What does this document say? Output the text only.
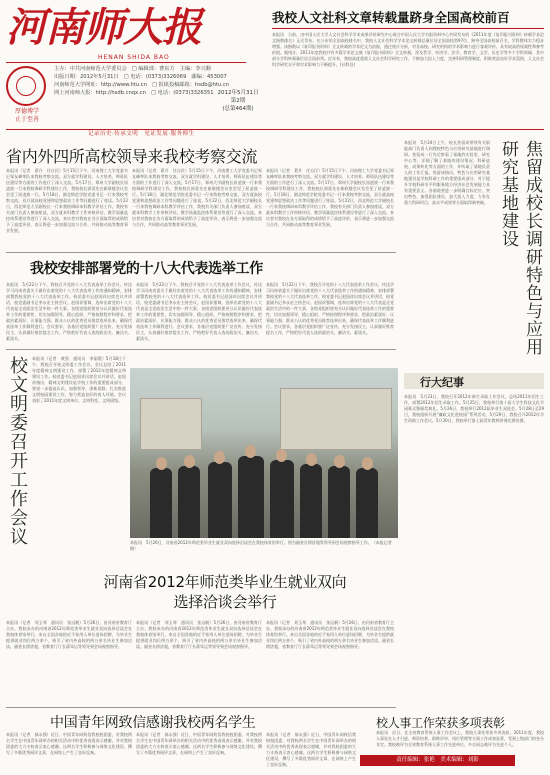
河南师大报
HENAN SHIDA BAO
厚德博学
止于至善
主办：中共河南师范大学委员会　□ 编辑部：曹东方　主编：李兴顺
出版日期：2012年5月31日　□ 电话：(0373)3326069　邮编：453007
河南师范大学网址：http://www.htu.cn　□ 报纸投稿邮箱：hsdb@htu.cn
网上河南师大报：http://hsdb.cnqx.cn　□ 电话：(0373)3326351 2012年5月31日
第2期
(总第464期)
我校人文社科文章转载量跻身全国高校前百
本报讯　日前，由中国人民大学人文社会科学学术成果评价研究中心联合中国人民大学书报资料中心共同发布的《2011年度《复印报刊资料》转载学术论文指数排名》正式发布。在公布的全国高校排名中，我校人文社会科学学术论文转载总量位居全国高校第97位，跻身全国高校前百名，学科整体实力稳步增强。该指数以《复印报刊资料》全文转载的学术论文为依据，通过统计分析，对各高校、研究机构的学术影响力进行客观评价，具有较高的权威性和参考价值。据统计，2011年度我校共有多篇学术论文被《复印报刊资料》全文转载，涉及哲学、经济学、法学、教育学、文学、历史学等多个学科领域，其中部分学科转载量位居全国前列。近年来，我校高度重视人文社会科学研究工作，不断加大投入力度，完善科研管理制度，积极营造良好学术氛围，人文社会科学研究水平和学术影响力不断提升。(社科处)
记录历史·传承文明　见证发展·服务师生
省内外四所高校领导来我校考察交流
本报讯（记者　葛升　任自民）5月15日下午，河南理工大学党委书记邹友峰率队来我校考察交流。双方就学科建设、人才培养、师资队伍建设等方面的工作进行了深入交流。5月17日，郑州大学副校长屈凌波一行来我校调研学科建设工作，我校校长郭爱先在新联楼会议室会见了屈凌波一行。5月18日，湖北师范学院党委书记一行来我校考察交流，双方就高校党建和思想政治工作等问题进行了座谈。5月22日，西北师范大学副校长一行来我校调研本科教学评估工作，我校有关部门负责人参加座谈，双方就本科教学工作审核评估、教学质量监控体系建设等进行了深入交流。来访者对我校在各方面取得的成绩给予了高度评价，表示将进一步加强交流与合作，共同推动高等教育事业发展。
本报讯（记者　葛升　任自民）5月15日下午，河南理工大学党委书记邹友峰率队来我校考察交流。双方就学科建设、人才培养、师资队伍建设等方面的工作进行了深入交流。5月17日，郑州大学副校长屈凌波一行来我校调研学科建设工作，我校校长郭爱先在新联楼会议室会见了屈凌波一行。5月18日，湖北师范学院党委书记一行来我校考察交流，双方就高校党建和思想政治工作等问题进行了座谈。5月22日，西北师范大学副校长一行来我校调研本科教学评估工作，我校有关部门负责人参加座谈，双方就本科教学工作审核评估、教学质量监控体系建设等进行了深入交流。来访者对我校在各方面取得的成绩给予了高度评价，表示将进一步加强交流与合作，共同推动高等教育事业发展。
本报讯（记者　葛升　任自民）5月15日下午，河南理工大学党委书记邹友峰率队来我校考察交流。双方就学科建设、人才培养、师资队伍建设等方面的工作进行了深入交流。5月17日，郑州大学副校长屈凌波一行来我校调研学科建设工作，我校校长郭爱先在新联楼会议室会见了屈凌波一行。5月18日，湖北师范学院党委书记一行来我校考察交流，双方就高校党建和思想政治工作等问题进行了座谈。5月22日，西北师范大学副校长一行来我校调研本科教学评估工作，我校有关部门负责人参加座谈，双方就本科教学工作审核评估、教学质量监控体系建设等进行了深入交流。来访者对我校在各方面取得的成绩给予了高度评价，表示将进一步加强交流与合作，共同推动高等教育事业发展。
我校安排部署党的十八大代表选举工作
本报讯　5月22日下午，我校召开党的十八大代表选举工作会议，传达学习河南省委关于做好出席党的十八大代表选举工作的通知精神，安排部署我校党的十八大代表选举工作。校党委书记赵国祥出席会议并讲话，校党委副书记李永宏主持会议。赵国祥强调，选举出席党的十八大代表是全党政治生活中的一件大事，各级党组织要充分认识做好代表选举工作的重要性，切实加强领导，精心组织，严格按照程序和要求，把政治素质好、议事能力强、群众公认的优秀党员推荐选举出来，确保代表选举工作顺利进行。会议要求，各基层党组织要广泛宣传、充分发扬民主，认真做好推荐提名工作，严格把好代表人选的政治关、廉洁关、素质关。
本报讯　5月22日下午，我校召开党的十八大代表选举工作会议，传达学习河南省委关于做好出席党的十八大代表选举工作的通知精神，安排部署我校党的十八大代表选举工作。校党委书记赵国祥出席会议并讲话，校党委副书记李永宏主持会议。赵国祥强调，选举出席党的十八大代表是全党政治生活中的一件大事，各级党组织要充分认识做好代表选举工作的重要性，切实加强领导，精心组织，严格按照程序和要求，把政治素质好、议事能力强、群众公认的优秀党员推荐选举出来，确保代表选举工作顺利进行。会议要求，各基层党组织要广泛宣传、充分发扬民主，认真做好推荐提名工作，严格把好代表人选的政治关、廉洁关、素质关。
本报讯　5月22日下午，我校召开党的十八大代表选举工作会议，传达学习河南省委关于做好出席党的十八大代表选举工作的通知精神，安排部署我校党的十八大代表选举工作。校党委书记赵国祥出席会议并讲话，校党委副书记李永宏主持会议。赵国祥强调，选举出席党的十八大代表是全党政治生活中的一件大事，各级党组织要充分认识做好代表选举工作的重要性，切实加强领导，精心组织，严格按照程序和要求，把政治素质好、议事能力强、群众公认的优秀党员推荐选举出来，确保代表选举工作顺利进行。会议要求，各基层党组织要广泛宣传、充分发扬民主，认真做好推荐提名工作，严格把好代表人选的政治关、廉洁关、素质关。
校文明委召开工作会议	本报讯（记者　黄凯　通讯员　李丽霞）5月18日下午，我校召开校文明委工作会议。会议总结了2011年度精神文明建设工作，部署了2012年度精神文明建设工作。校党委书记赵国祥出席会议并讲话。赵国祥指出，精神文明建设是学校工作的重要组成部分，要进一步提高认识，加强领导，创新思路，扎实推进文明校园建设工作，努力营造良好的育人环境。会议表彰了2011年度文明单位、文明科室、文明班级。
本报讯　5月26日，河南省2012年师范类毕业生就业双向选择洽谈会在我校体育馆举行。图为副省长徐济超等领导到会场视察指导工作。（本报记者　摄）
河南省2012年师范类毕业生就业双向选择洽谈会举行
本报讯（记者　刘玉琴　通讯员　张远帆）5月26日，由河南省教育厅主办、我校承办的河南省2012年师范类毕业生就业双向选择洽谈会在我校体育馆举行。来自全国各地的近千家用人单位进场招聘，为毕业生提供就业岗位两万余个，吸引了省内外高校的两万余名毕业生参加洽谈。副省长徐济超，省教育厅厅长蒋笃运等领导到会场视察指导。
本报讯（记者　刘玉琴　通讯员　张远帆）5月26日，由河南省教育厅主办、我校承办的河南省2012年师范类毕业生就业双向选择洽谈会在我校体育馆举行。来自全国各地的近千家用人单位进场招聘，为毕业生提供就业岗位两万余个，吸引了省内外高校的两万余名毕业生参加洽谈。副省长徐济超，省教育厅厅长蒋笃运等领导到会场视察指导。
本报讯（记者　刘玉琴　通讯员　张远帆）5月26日，由河南省教育厅主办、我校承办的河南省2012年师范类毕业生就业双向选择洽谈会在我校体育馆举行。来自全国各地的近千家用人单位进场招聘，为毕业生提供就业岗位两万余个，吸引了省内外高校的两万余名毕业生参加洽谈。副省长徐济超，省教育厅厅长蒋笃运等领导到会场视察指导。
中国青年网致信感谢我校两名学生
本报讯（记者　郝永强）近日，中国青年网致信我校校团委，对我校两名学生在中国青年网举办的相关活动中的优秀表现表示感谢，并对我校团委的大力支持表示衷心感谢。这两名学生积极参与网络文化建设，撰写了多篇优秀网评文章，在网络上产生了良好反响。
本报讯（记者　郝永强）近日，中国青年网致信我校校团委，对我校两名学生在中国青年网举办的相关活动中的优秀表现表示感谢，并对我校团委的大力支持表示衷心感谢。这两名学生积极参与网络文化建设，撰写了多篇优秀网评文章，在网络上产生了良好反响。
本报讯（记者　郝永强）近日，中国青年网致信我校校团委，对我校两名学生在中国青年网举办的相关活动中的优秀表现表示感谢，并对我校团委的大力支持表示衷心感谢。这两名学生积极参与网络文化建设，撰写了多篇优秀网评文章，在网络上产生了良好反响。
本报讯　5月24日上午，校长焦留成带领有关职能部门负责人到我校特色与应用研究基地进行调研。焦留成一行先后察看了基地的实验室、研究中心等，详细了解了基地的建设情况、科研进展、成果转化等方面的工作，并听取了基地负责人的工作汇报。焦留成指出，特色与应用研究基地建设是学校科研工作的重要组成部分，对于提升学校科研水平和服务地方经济社会发展能力具有重要意义。各基地要进一步明确目标定位，突出特色，加强团队建设，加大投入力度，力争在重大科研项目、高水平成果等方面取得新突破。	焦留成校长调研特色与应用研究基地建设
行大纪事
本报讯　5月23日，我校召开2012年新生录取工作会议，总结2011年招生工作，部署2012年招生录取工作。5月25日，我校举行第十届大学生科技文化节闭幕式暨颁奖典礼。5月26日，我校举行2012届毕业生双选会。5月28日至29日，我校组织开展“廉政文化进校园”系列活动。5月29日，我校召开2012年学生资助工作会议。5月30日，我校举行第七届青年教师讲课比赛决赛。
校人事工作荣获多项表彰
本报讯　近日，在全省教育系统人事工作会议上，我校人事处荣获多项表彰。2011年度，我校人事处在人才引进、师资培养、职称评审、岗位管理等方面工作成效显著，受到上级部门的充分肯定。我校被评为全省教育系统人事工作先进单位，多名同志被评为先进个人。
责任编辑：张艳　美术编辑：刘影
